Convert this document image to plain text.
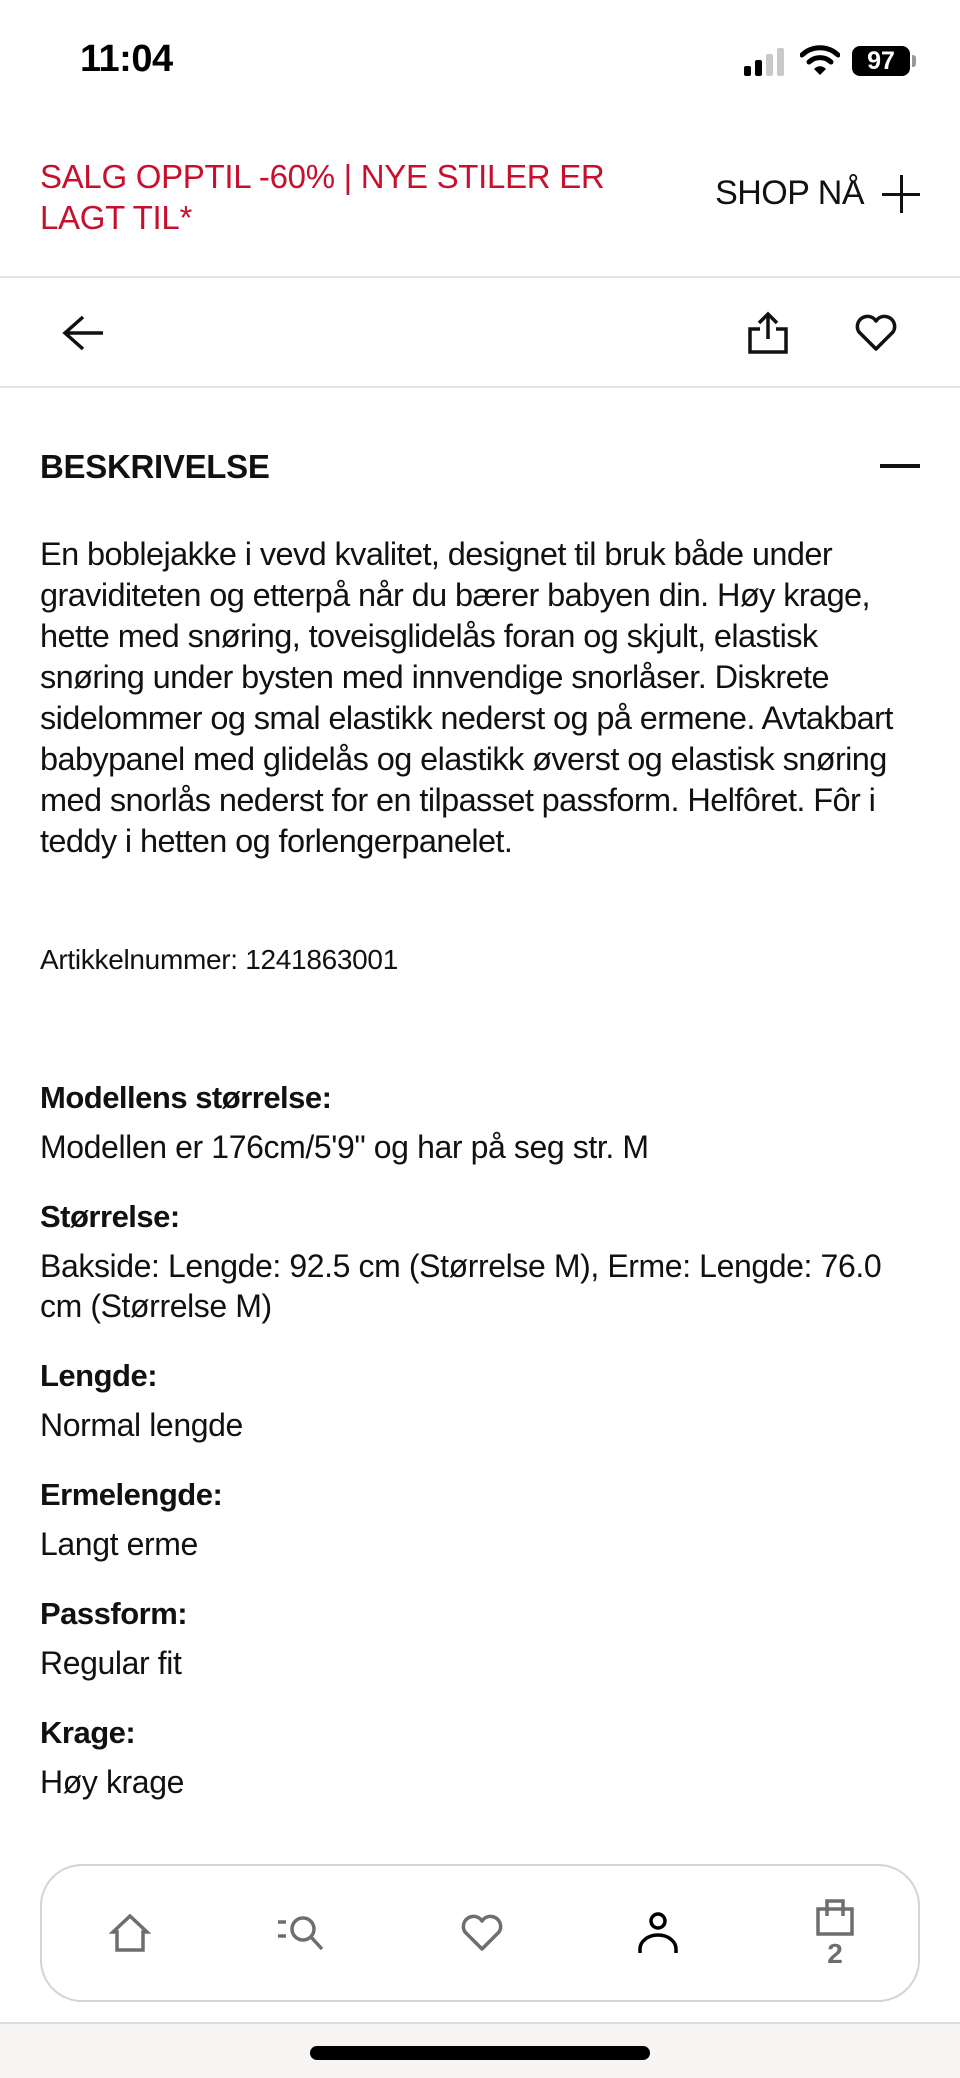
11:04	97
SALG OPPTIL -60% | NYE STILER ER LAGT TIL*
SHOP NÅ
BESKRIVELSE

En boblejakke i vevd kvalitet, designet til bruk både under graviditeten og etterpå når du bærer babyen din. Høy krage, hette med snøring, toveisglidelås foran og skjult, elastisk snøring under bysten med innvendige snorlåser. Diskrete sidelommer og smal elastikk nederst og på ermene. Avtakbart babypanel med glidelås og elastikk øverst og elastisk snøring med snorlås nederst for en tilpasset passform. Helfôret. Fôr i teddy i hetten og forlengerpanelet.

Artikkelnummer: 1241863001
Modellens størrelse:
Modellen er 176cm/5'9" og har på seg str. M
Størrelse:
Bakside: Lengde: 92.5 cm (Størrelse M), Erme: Lengde: 76.0 cm (Størrelse M)
Lengde:
Normal lengde
Ermelengde:
Langt erme
Passform:
Regular fit
Krage:
Høy krage
2
